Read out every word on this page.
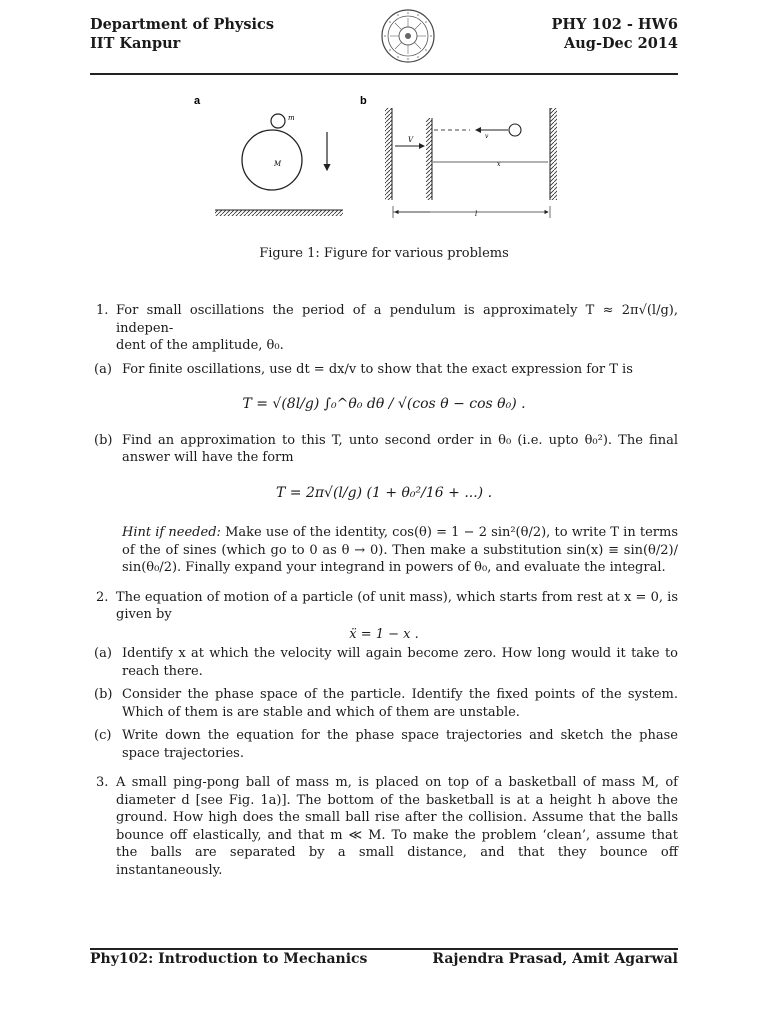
Department of Physics
IIT Kanpur
PHY 102 - HW6
Aug-Dec 2014
a
m
M
b
V	v
x
l
Figure 1: Figure for various problems
1. For small oscillations the period of a pendulum is approximately T ≈ 2π√(l/g), indepen-
dent of the amplitude, θ₀.

(a) For finite oscillations, use dt = dx/v to show that the exact expression for T is

T = √(8l/g) ∫₀^θ₀ dθ / √(cos θ − cos θ₀) .
(b) Find an approximation to this T, unto second order in θ₀ (i.e. upto θ₀²). The final answer will have the form

T = 2π√(l/g) (1 + θ₀²/16 + ...) .
Hint if needed: Make use of the identity, cos(θ) = 1 − 2 sin²(θ/2), to write T in terms of the of sines (which go to 0 as θ → 0). Then make a substitution sin(x) ≡ sin(θ/2)/ sin(θ₀/2). Finally expand your integrand in powers of θ₀, and evaluate the integral.
2. The equation of motion of a particle (of unit mass), which starts from rest at x = 0, is given by

ẍ = 1 − x .
(a) Identify x at which the velocity will again become zero. How long would it take to reach there.

(b) Consider the phase space of the particle. Identify the fixed points of the system. Which of them is are stable and which of them are unstable.

(c) Write down the equation for the phase space trajectories and sketch the phase space trajectories.

3. A small ping-pong ball of mass m, is placed on top of a basketball of mass M, of diameter d [see Fig. 1a)]. The bottom of the basketball is at a height h above the ground. How high does the small ball rise after the collision. Assume that the balls bounce off elastically, and that m ≪ M. To make the problem ‘clean’, assume that the balls are separated by a small distance, and that they bounce off instantaneously.

Phy102: Introduction to Mechanics	Rajendra Prasad, Amit Agarwal
